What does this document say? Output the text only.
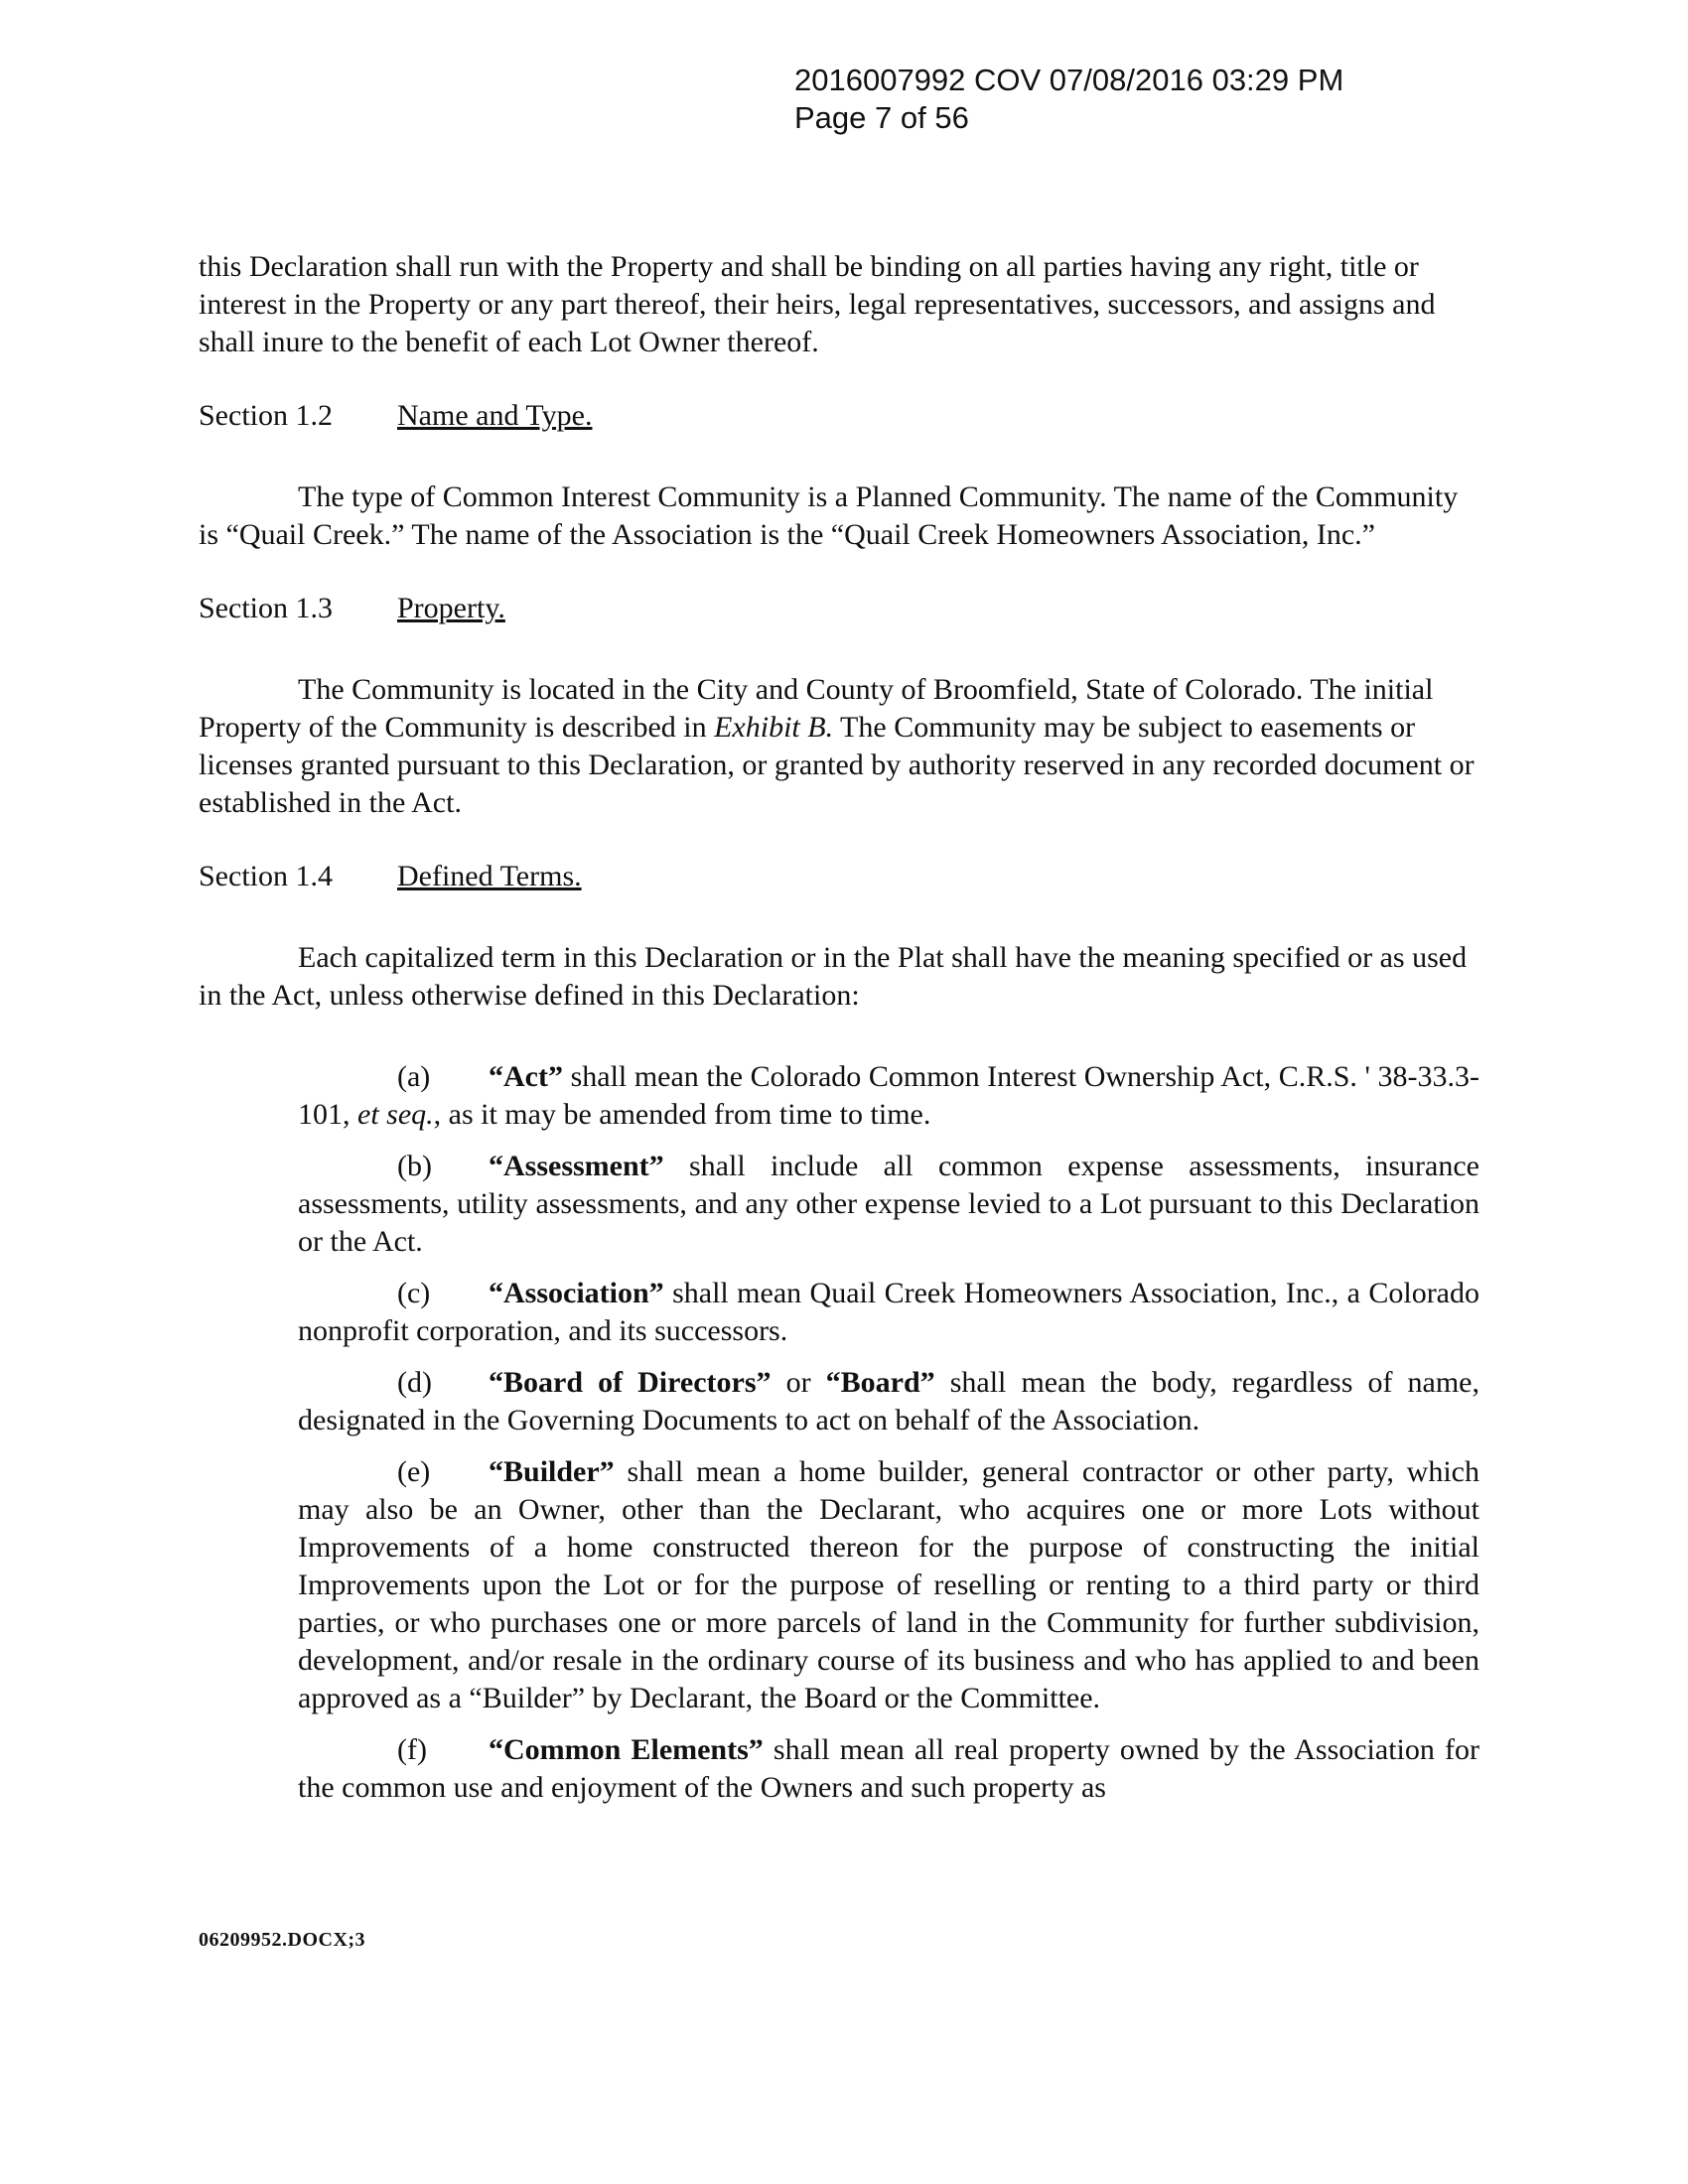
2016007992 COV 07/08/2016 03:29 PM
Page 7 of 56

this Declaration shall run with the Property and shall be binding on all parties having any right, title or interest in the Property or any part thereof, their heirs, legal representatives, successors, and assigns and shall inure to the benefit of each Lot Owner thereof.

Section 1.2	Name and Type.

The type of Common Interest Community is a Planned Community. The name of the Community is “Quail Creek.” The name of the Association is the “Quail Creek Homeowners Association, Inc.”

Section 1.3	Property.

The Community is located in the City and County of Broomfield, State of Colorado. The initial Property of the Community is described in Exhibit B. The Community may be subject to easements or licenses granted pursuant to this Declaration, or granted by authority reserved in any recorded document or established in the Act.

Section 1.4	Defined Terms.

Each capitalized term in this Declaration or in the Plat shall have the meaning specified or as used in the Act, unless otherwise defined in this Declaration:

(a) “Act” shall mean the Colorado Common Interest Ownership Act, C.R.S. ' 38-33.3-101, et seq., as it may be amended from time to time.

(b) “Assessment” shall include all common expense assessments, insurance assessments, utility assessments, and any other expense levied to a Lot pursuant to this Declaration or the Act.

(c) “Association” shall mean Quail Creek Homeowners Association, Inc., a Colorado nonprofit corporation, and its successors.

(d) “Board of Directors” or “Board” shall mean the body, regardless of name, designated in the Governing Documents to act on behalf of the Association.

(e) “Builder” shall mean a home builder, general contractor or other party, which may also be an Owner, other than the Declarant, who acquires one or more Lots without Improvements of a home constructed thereon for the purpose of constructing the initial Improvements upon the Lot or for the purpose of reselling or renting to a third party or third parties, or who purchases one or more parcels of land in the Community for further subdivision, development, and/or resale in the ordinary course of its business and who has applied to and been approved as a “Builder” by Declarant, the Board or the Committee.

(f) “Common Elements” shall mean all real property owned by the Association for the common use and enjoyment of the Owners and such property as

06209952.DOCX;3
